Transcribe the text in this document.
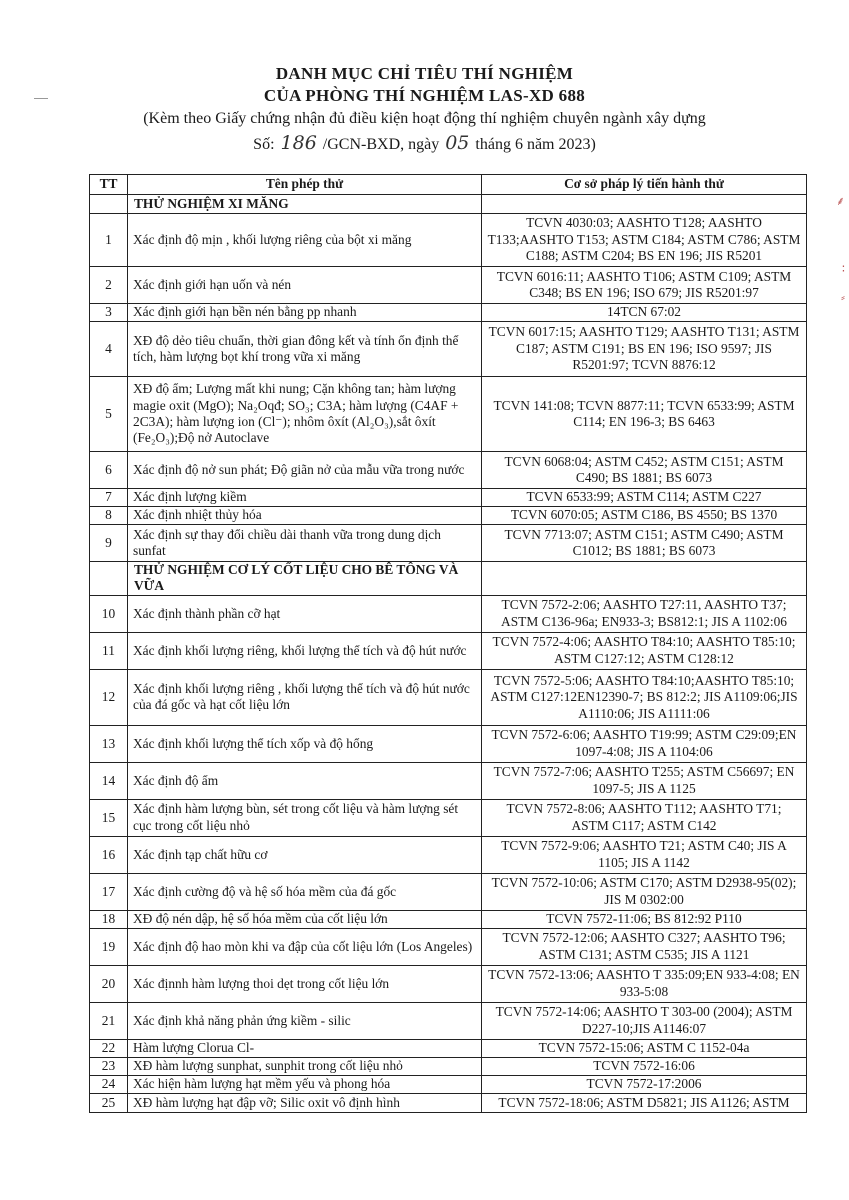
⸙
∶
⸗
DANH MỤC CHỈ TIÊU THÍ NGHIỆM
CỦA PHÒNG THÍ NGHIỆM LAS-XD 688
(Kèm theo Giấy chứng nhận đủ điều kiện hoạt động thí nghiệm chuyên ngành xây dựng
Số: 186 /GCN-BXD, ngày 05 tháng 6 năm 2023)
TT	Tên phép thử	Cơ sở pháp lý tiến hành thử
	THỬ NGHIỆM XI MĂNG	
1	Xác định độ mịn , khối lượng riêng của bột xi măng	TCVN 4030:03; AASHTO T128; AASHTO T133;AASHTO T153; ASTM C184; ASTM C786; ASTM C188; ASTM C204; BS EN 196; JIS R5201
2	Xác định giới hạn uốn và nén	TCVN 6016:11; AASHTO T106; ASTM C109; ASTM C348; BS EN 196; ISO 679; JIS R5201:97
3	Xác định giới hạn bền nén bằng pp nhanh	14TCN 67:02
4	XĐ độ dẻo tiêu chuẩn, thời gian đông kết và tính ổn định thể tích, hàm lượng bọt khí trong vữa xi măng	TCVN 6017:15; AASHTO T129; AASHTO T131; ASTM C187; ASTM C191; BS EN 196; ISO 9597; JIS R5201:97; TCVN 8876:12
5	XĐ độ ẩm; Lượng mất khi nung; Cặn không tan; hàm lượng magie oxit (MgO); Na₂Oqđ; SO₃; C3A; hàm lượng (C4AF + 2C3A); hàm lượng ion (Cl⁻); nhôm ôxít (Al₂O₃),sắt ôxít (Fe₂O₃);Độ nở Autoclave	TCVN 141:08; TCVN 8877:11; TCVN 6533:99; ASTM C114; EN 196-3; BS 6463
6	Xác định độ nở sun phát; Độ giãn nở của mẫu vữa trong nước	TCVN 6068:04; ASTM C452; ASTM C151; ASTM C490; BS 1881; BS 6073
7	Xác định lượng kiềm	TCVN 6533:99; ASTM C114; ASTM C227
8	Xác định nhiệt thủy hóa	TCVN 6070:05; ASTM C186, BS 4550; BS 1370
9	Xác định sự thay đổi chiều dài thanh vữa trong dung dịch sunfat	TCVN 7713:07; ASTM C151; ASTM C490; ASTM C1012; BS 1881; BS 6073
	THỬ NGHIỆM CƠ LÝ CỐT LIỆU CHO BÊ TÔNG VÀ VỮA	
10	Xác định thành phần cỡ hạt	TCVN 7572-2:06; AASHTO T27:11, AASHTO T37; ASTM C136-96a; EN933-3; BS812:1; JIS A 1102:06
11	Xác định khối lượng riêng, khối lượng thể tích và độ hút nước	TCVN 7572-4:06; AASHTO T84:10; AASHTO T85:10; ASTM C127:12; ASTM C128:12
12	Xác định khối lượng riêng , khối lượng thể tích và độ hút nước của đá gốc và hạt cốt liệu lớn	TCVN 7572-5:06; AASHTO T84:10;AASHTO T85:10; ASTM C127:12EN12390-7; BS 812:2; JIS A1109:06;JIS A1110:06; JIS A1111:06
13	Xác định khối lượng thể tích xốp và độ hổng	TCVN 7572-6:06; AASHTO T19:99; ASTM C29:09;EN 1097-4:08; JIS A 1104:06
14	Xác định độ ẩm	TCVN 7572-7:06; AASHTO T255; ASTM C56697; EN 1097-5; JIS A 1125
15	Xác định hàm lượng bùn, sét trong cốt liệu và hàm lượng sét cục trong cốt liệu nhỏ	TCVN 7572-8:06; AASHTO T112; AASHTO T71; ASTM C117; ASTM C142
16	Xác định tạp chất hữu cơ	TCVN 7572-9:06; AASHTO T21; ASTM C40; JIS A 1105; JIS A 1142
17	Xác định cường độ và hệ số hóa mềm của đá gốc	TCVN 7572-10:06; ASTM C170; ASTM D2938-95(02); JIS M 0302:00
18	XĐ độ nén dập, hệ số hóa mềm của cốt liệu lớn	TCVN 7572-11:06; BS 812:92 P110
19	Xác định độ hao mòn khi va đập của cốt liệu lớn (Los Angeles)	TCVN 7572-12:06; AASHTO C327; AASHTO T96; ASTM C131; ASTM C535; JIS A 1121
20	Xác địnnh hàm lượng thoi dẹt trong cốt liệu lớn	TCVN 7572-13:06; AASHTO T 335:09;EN 933-4:08; EN 933-5:08
21	Xác định khả năng phản ứng kiềm - silic	TCVN 7572-14:06; AASHTO T 303-00 (2004); ASTM D227-10;JIS A1146:07
22	Hàm lượng Clorua Cl-	TCVN 7572-15:06; ASTM C 1152-04a
23	XĐ hàm lượng sunphat, sunphit trong cốt liệu nhỏ	TCVN 7572-16:06
24	Xác hiện hàm lượng hạt mềm yếu và phong hóa	TCVN 7572-17:2006
25	XĐ hàm lượng hạt đập vỡ; Silic oxit vô định hình	TCVN 7572-18:06; ASTM D5821; JIS A1126; ASTM
